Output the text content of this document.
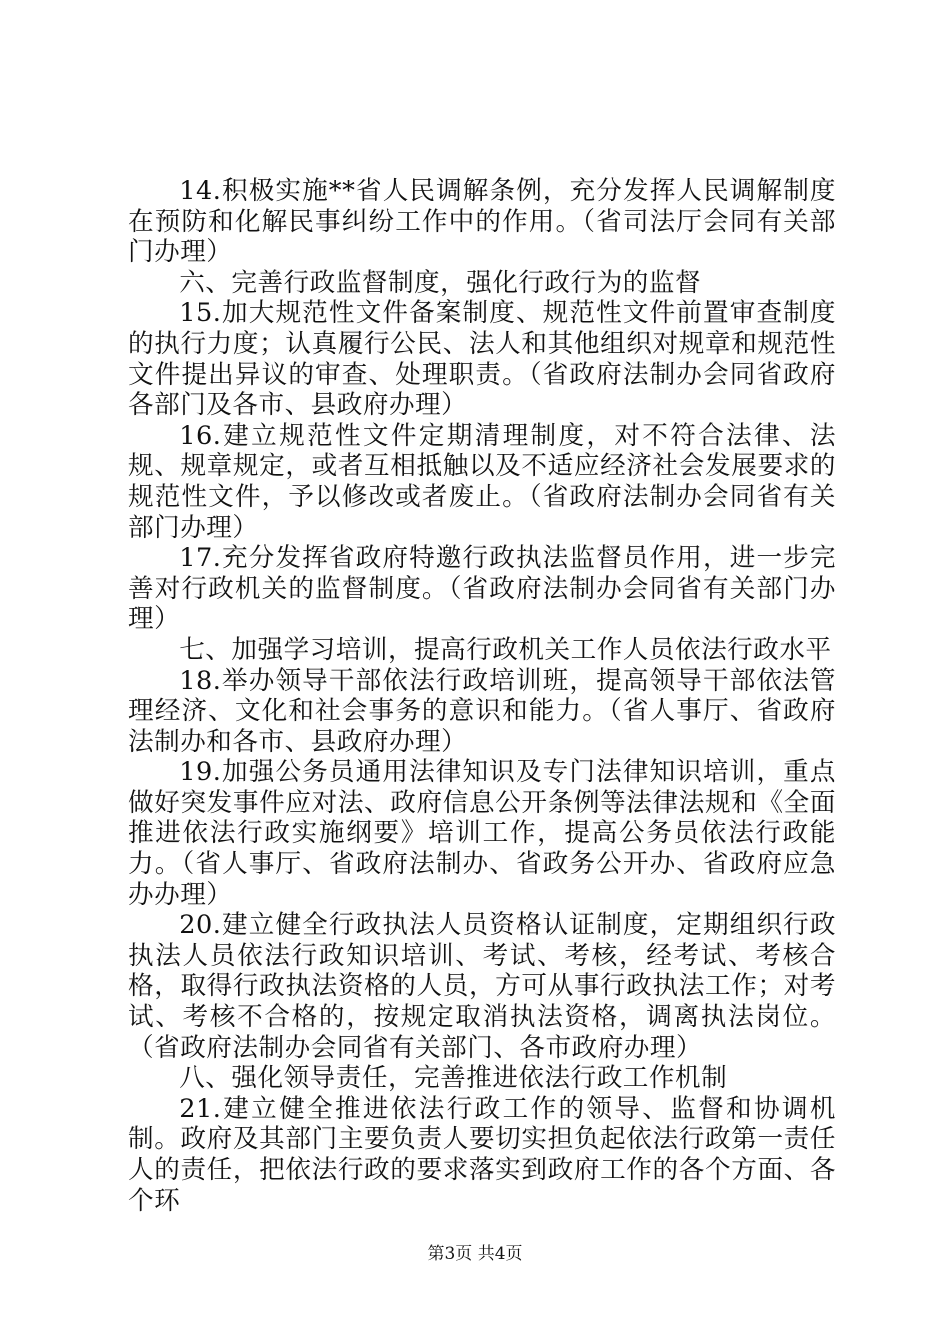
14.积极实施**省人民调解条例，充分发挥人民调解制度在预防和化解民事纠纷工作中的作用。（省司法厅会同有关部门办理）

六、完善行政监督制度，强化行政行为的监督

15.加大规范性文件备案制度、规范性文件前置审查制度的执行力度；认真履行公民、法人和其他组织对规章和规范性文件提出异议的审查、处理职责。（省政府法制办会同省政府各部门及各市、县政府办理）

16.建立规范性文件定期清理制度，对不符合法律、法规、规章规定，或者互相抵触以及不适应经济社会发展要求的规范性文件，予以修改或者废止。（省政府法制办会同省有关部门办理）

17.充分发挥省政府特邀行政执法监督员作用，进一步完善对行政机关的监督制度。（省政府法制办会同省有关部门办理）

七、加强学习培训，提高行政机关工作人员依法行政水平

18.举办领导干部依法行政培训班，提高领导干部依法管理经济、文化和社会事务的意识和能力。（省人事厅、省政府法制办和各市、县政府办理）

19.加强公务员通用法律知识及专门法律知识培训，重点做好突发事件应对法、政府信息公开条例等法律法规和《全面推进依法行政实施纲要》培训工作，提高公务员依法行政能力。（省人事厅、省政府法制办、省政务公开办、省政府应急办办理）

20.建立健全行政执法人员资格认证制度，定期组织行政执法人员依法行政知识培训、考试、考核，经考试、考核合格，取得行政执法资格的人员，方可从事行政执法工作；对考试、考核不合格的，按规定取消执法资格，调离执法岗位。（省政府法制办会同省有关部门、各市政府办理）

八、强化领导责任，完善推进依法行政工作机制

21.建立健全推进依法行政工作的领导、监督和协调机制。政府及其部门主要负责人要切实担负起依法行政第一责任人的责任，把依法行政的要求落实到政府工作的各个方面、各个环

第3页 共4页
